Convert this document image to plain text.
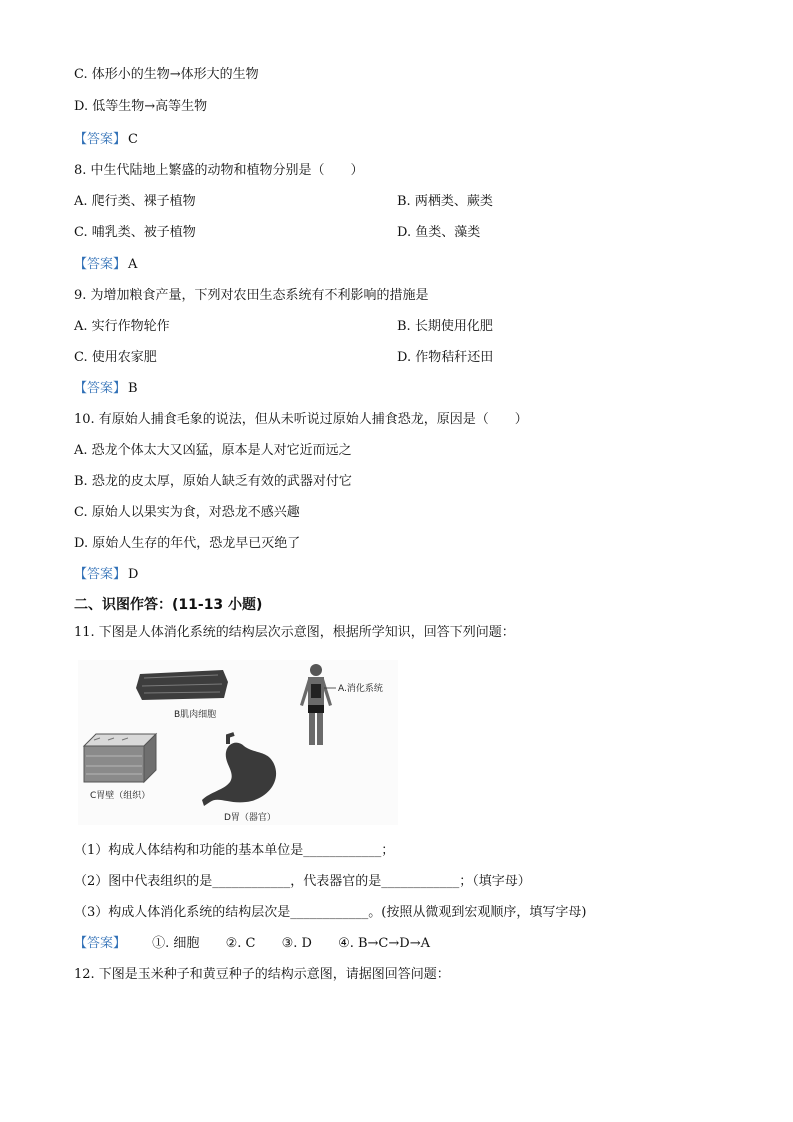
C. 体形小的生物→体形大的生物
D. 低等生物→高等生物
【答案】 C
8. 中生代陆地上繁盛的动物和植物分别是（　　）
A. 爬行类、裸子植物	B. 两栖类、蕨类
C. 哺乳类、被子植物	D. 鱼类、藻类
【答案】 A
9. 为增加粮食产量，下列对农田生态系统有不利影响的措施是
A. 实行作物轮作	B. 长期使用化肥
C. 使用农家肥	D. 作物秸秆还田
【答案】 B
10. 有原始人捕食毛象的说法，但从未听说过原始人捕食恐龙，原因是（　　）
A. 恐龙个体太大又凶猛，原本是人对它近而远之
B. 恐龙的皮太厚，原始人缺乏有效的武器对付它
C. 原始人以果实为食，对恐龙不感兴趣
D. 原始人生存的年代，恐龙早已灭绝了
【答案】 D
二、识图作答：(11-13 小题)
11. 下图是人体消化系统的结构层次示意图，根据所学知识，回答下列问题：
B肌肉细胞
A.消化系统
C胃壁（组织）
D胃（器官）
（1）构成人体结构和功能的基本单位是____________；
（2）图中代表组织的是____________，代表器官的是____________；（填字母）
（3）构成人体消化系统的结构层次是____________。(按照从微观到宏观顺序，填写字母)
【答案】 ①. 细胞 ②. C ③. D ④. B→C→D→A
12. 下图是玉米种子和黄豆种子的结构示意图，请据图回答问题：
